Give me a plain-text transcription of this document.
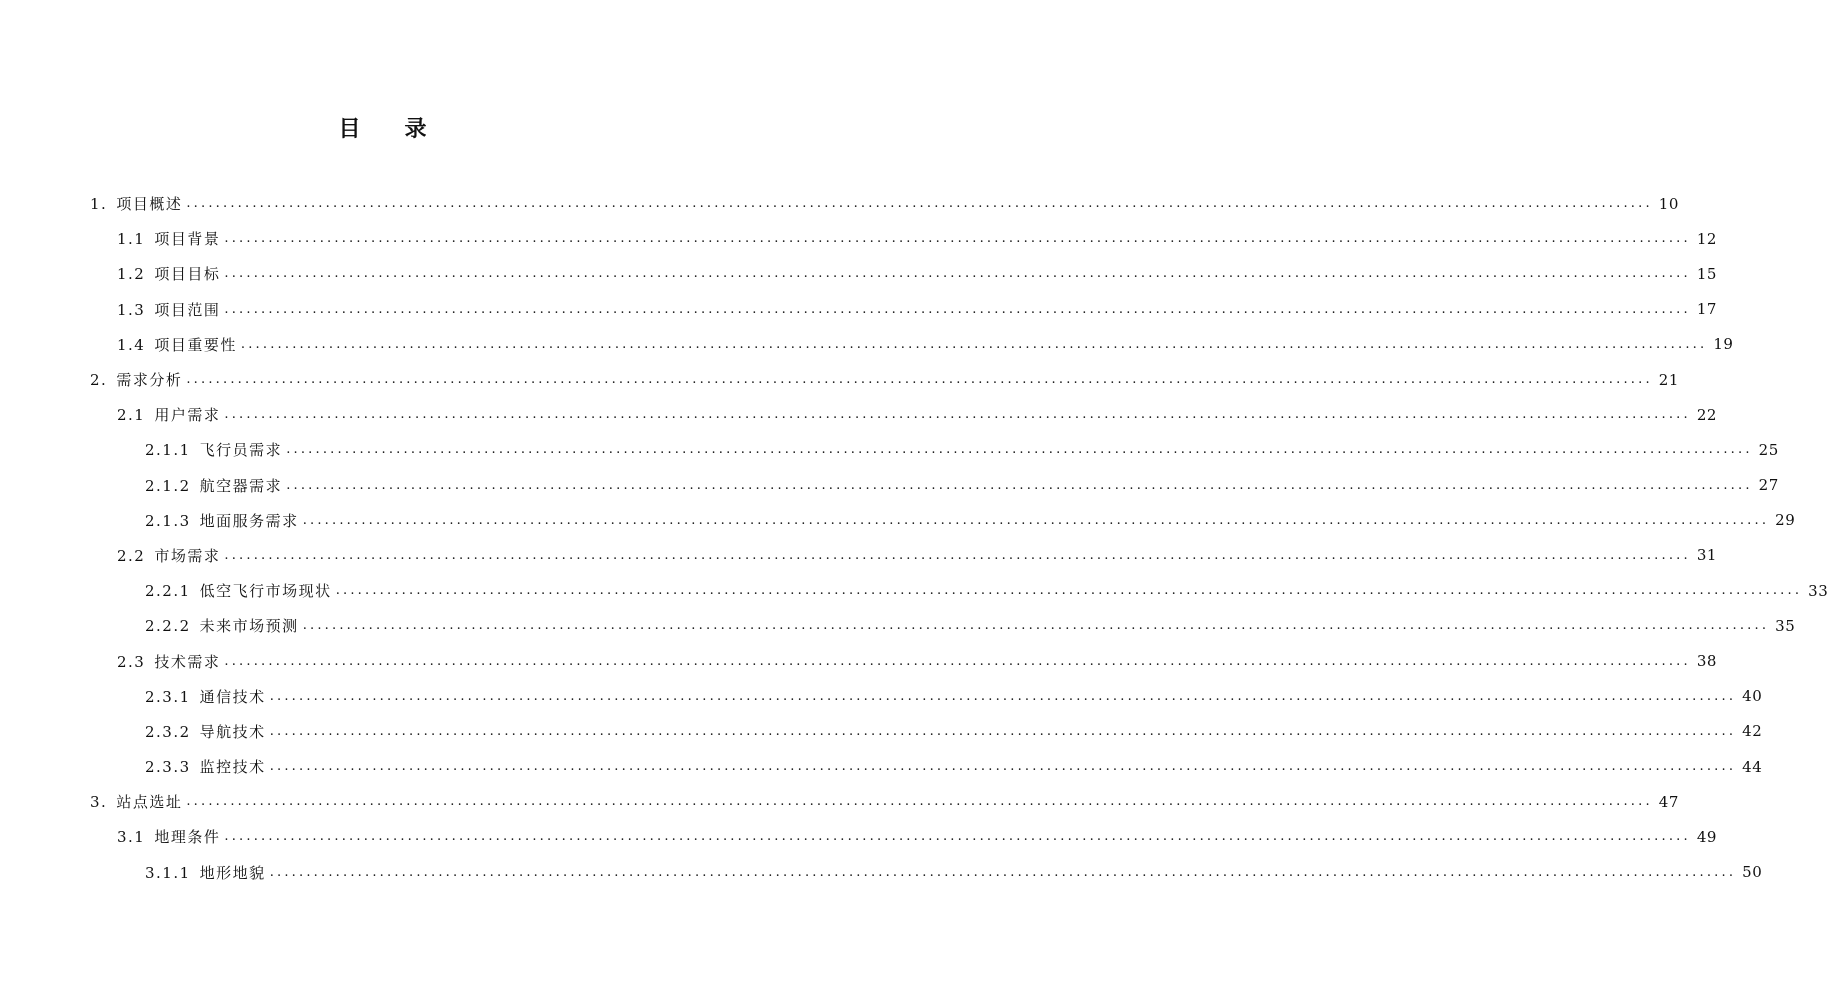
目 录
1. 项目概述 ........................................................................................................................................................................................................ 10
1.1 项目背景 ........................................................................................................................................................................................................ 12
1.2 项目目标 ........................................................................................................................................................................................................ 15
1.3 项目范围 ........................................................................................................................................................................................................ 17
1.4 项目重要性 ........................................................................................................................................................................................................ 19
2. 需求分析 ........................................................................................................................................................................................................ 21
2.1 用户需求 ........................................................................................................................................................................................................ 22
2.1.1 飞行员需求 ........................................................................................................................................................................................................ 25
2.1.2 航空器需求 ........................................................................................................................................................................................................ 27
2.1.3 地面服务需求 ........................................................................................................................................................................................................ 29
2.2 市场需求 ........................................................................................................................................................................................................ 31
2.2.1 低空飞行市场现状 ........................................................................................................................................................................................................ 33
2.2.2 未来市场预测 ........................................................................................................................................................................................................ 35
2.3 技术需求 ........................................................................................................................................................................................................ 38
2.3.1 通信技术 ........................................................................................................................................................................................................ 40
2.3.2 导航技术 ........................................................................................................................................................................................................ 42
2.3.3 监控技术 ........................................................................................................................................................................................................ 44
3. 站点选址 ........................................................................................................................................................................................................ 47
3.1 地理条件 ........................................................................................................................................................................................................ 49
3.1.1 地形地貌 ........................................................................................................................................................................................................ 50
